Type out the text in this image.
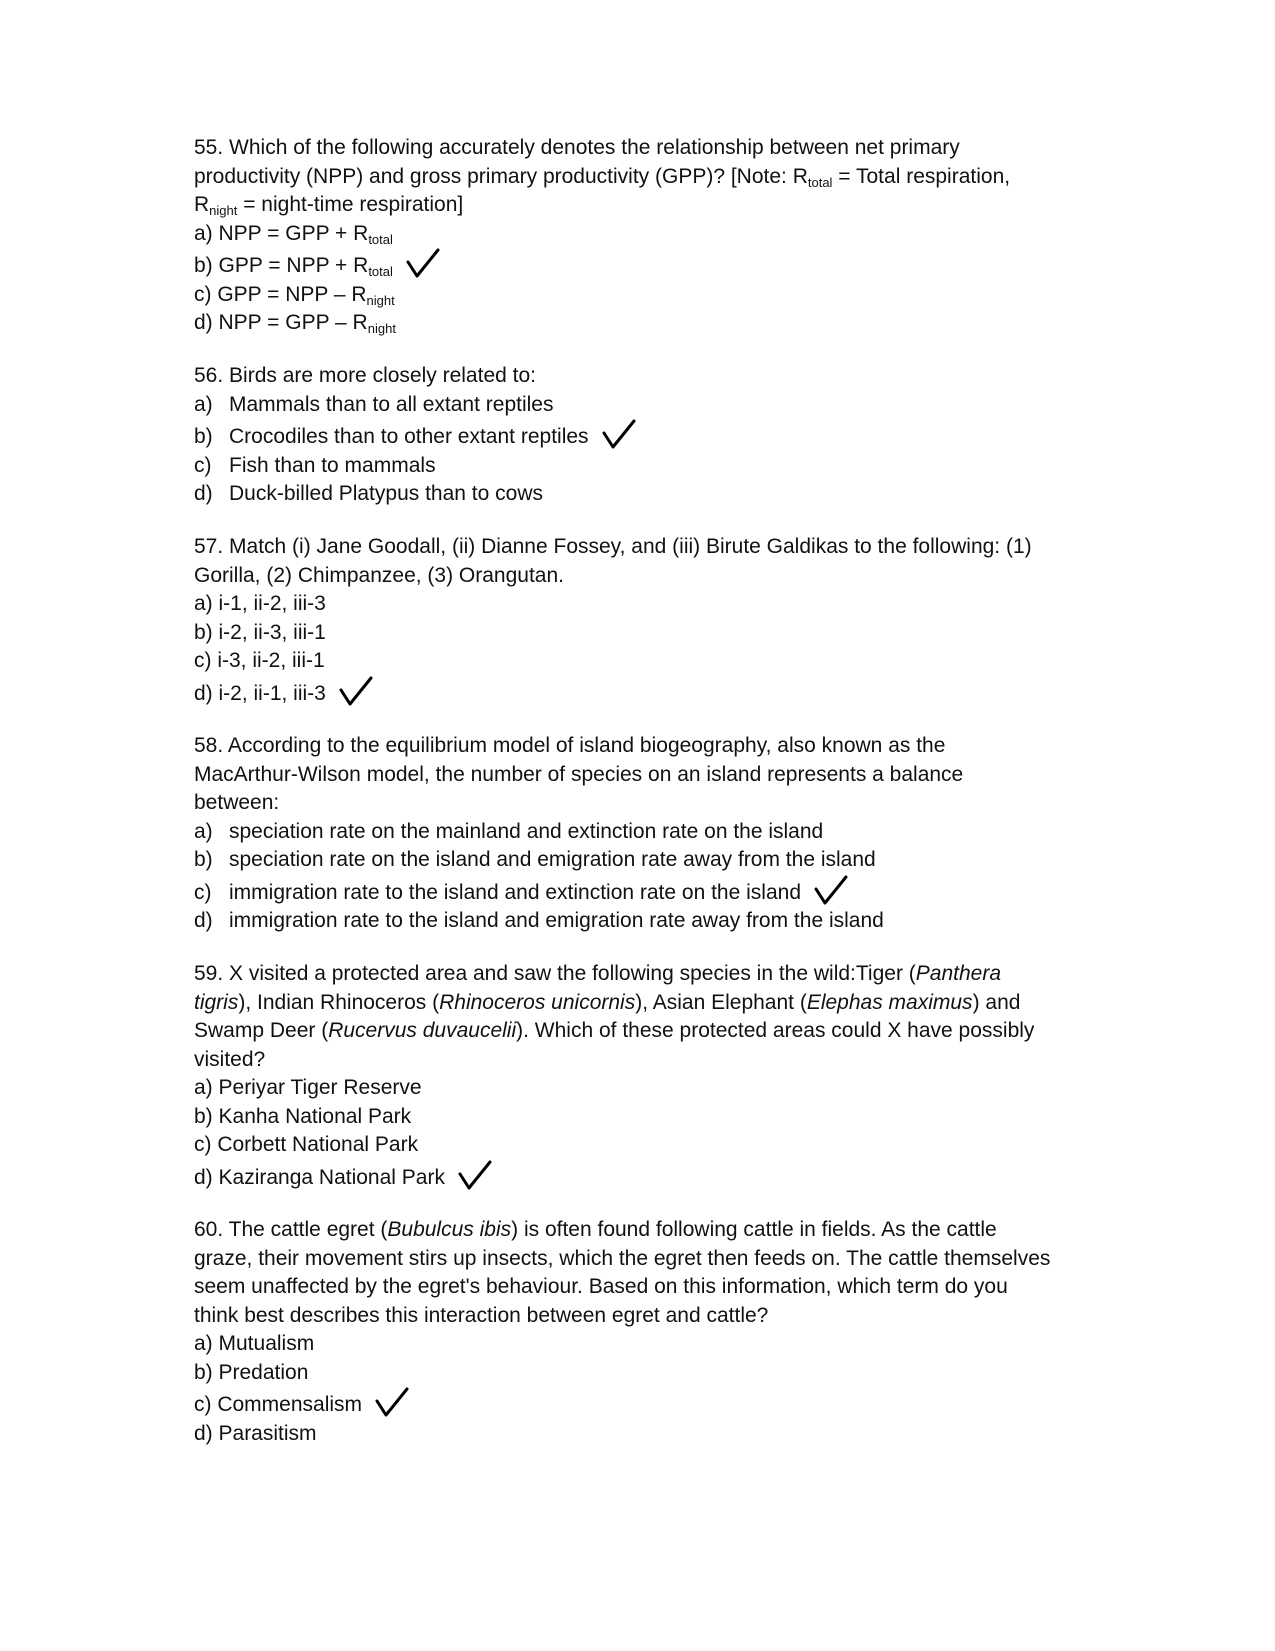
55. Which of the following accurately denotes the relationship between net primary
productivity (NPP) and gross primary productivity (GPP)? [Note: $R_{total}$ = Total respiration,
$R_{night}$ = night-time respiration]
a) NPP = GPP + $R_{total}$
b) GPP = NPP + $R_{total}$
c) GPP = NPP – $R_{night}$
d) NPP = GPP – $R_{night}$
56. Birds are more closely related to:
a) Mammals than to all extant reptiles
b) Crocodiles than to other extant reptiles
c) Fish than to mammals
d) Duck-billed Platypus than to cows
57. Match (i) Jane Goodall, (ii) Dianne Fossey, and (iii) Birute Galdikas to the following: (1)
Gorilla, (2) Chimpanzee, (3) Orangutan.
a) i-1, ii-2, iii-3
b) i-2, ii-3, iii-1
c) i-3, ii-2, iii-1
d) i-2, ii-1, iii-3
58. According to the equilibrium model of island biogeography, also known as the
MacArthur-Wilson model, the number of species on an island represents a balance
between:
a) speciation rate on the mainland and extinction rate on the island
b) speciation rate on the island and emigration rate away from the island
c) immigration rate to the island and extinction rate on the island
d) immigration rate to the island and emigration rate away from the island
59. X visited a protected area and saw the following species in the wild:Tiger (Panthera
tigris), Indian Rhinoceros (Rhinoceros unicornis), Asian Elephant (Elephas maximus) and
Swamp Deer (Rucervus duvaucelii). Which of these protected areas could X have possibly
visited?
a) Periyar Tiger Reserve
b) Kanha National Park
c) Corbett National Park
d) Kaziranga National Park
60. The cattle egret (Bubulcus ibis) is often found following cattle in fields. As the cattle
graze, their movement stirs up insects, which the egret then feeds on. The cattle themselves
seem unaffected by the egret's behaviour. Based on this information, which term do you
think best describes this interaction between egret and cattle?
a) Mutualism
b) Predation
c) Commensalism
d) Parasitism
